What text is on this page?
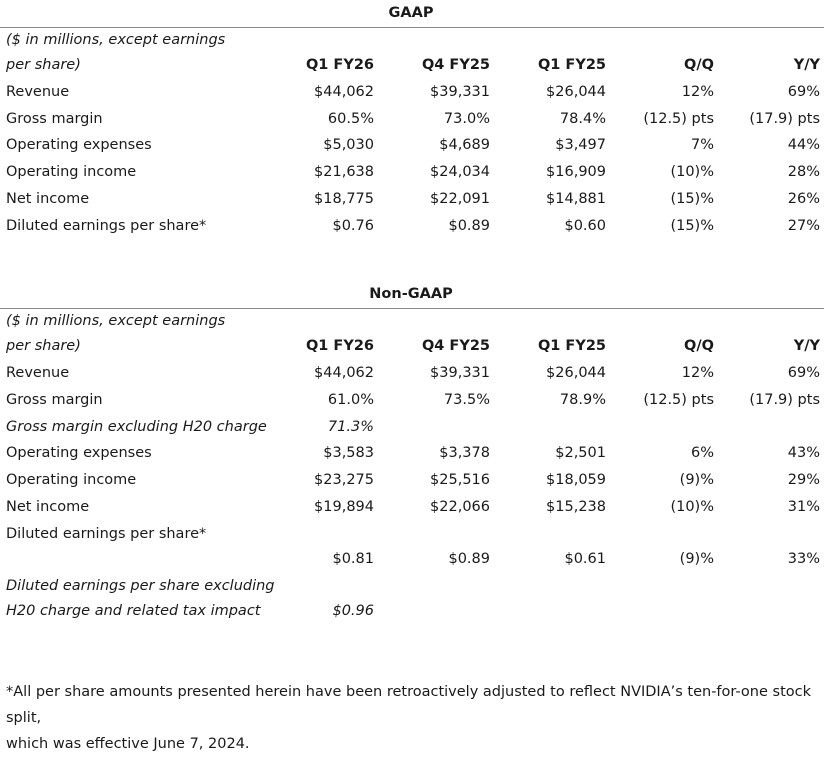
GAAP
($ in millions, except earnings
per share)	Q1 FY26	Q4 FY25	Q1 FY25	Q/Q	Y/Y
Revenue	$44,062	$39,331	$26,044	12%	69%
Gross margin	60.5%	73.0%	78.4%	(12.5) pts (17.9) pts
Operating expenses	$5,030	$4,689	$3,497	7%	44%
Operating income	$21,638	$24,034	$16,909	(10)%	28%
Net income	$18,775	$22,091	$14,881	(15)%	26%
Diluted earnings per share*	$0.76	$0.89	$0.60	(15)%	27%
Non-GAAP
($ in millions, except earnings
per share)	Q1 FY26	Q4 FY25	Q1 FY25	Q/Q	Y/Y
Revenue	$44,062	$39,331	$26,044	12%	69%
Gross margin	61.0%	73.5%	78.9%	(12.5) pts (17.9) pts
Gross margin excluding H20 charge	71.3%
Operating expenses	$3,583	$3,378	$2,501	6%	43%
Operating income	$23,275	$25,516	$18,059	(9)%	29%
Net income	$19,894	$22,066	$15,238	(10)%	31%
Diluted earnings per share*
$0.81	$0.89	$0.61	(9)%	33%
Diluted earnings per share excluding
H20 charge and related tax impact	$0.96
*All per share amounts presented herein have been retroactively adjusted to reflect NVIDIA’s ten-for-one stock split,
which was effective June 7, 2024.
